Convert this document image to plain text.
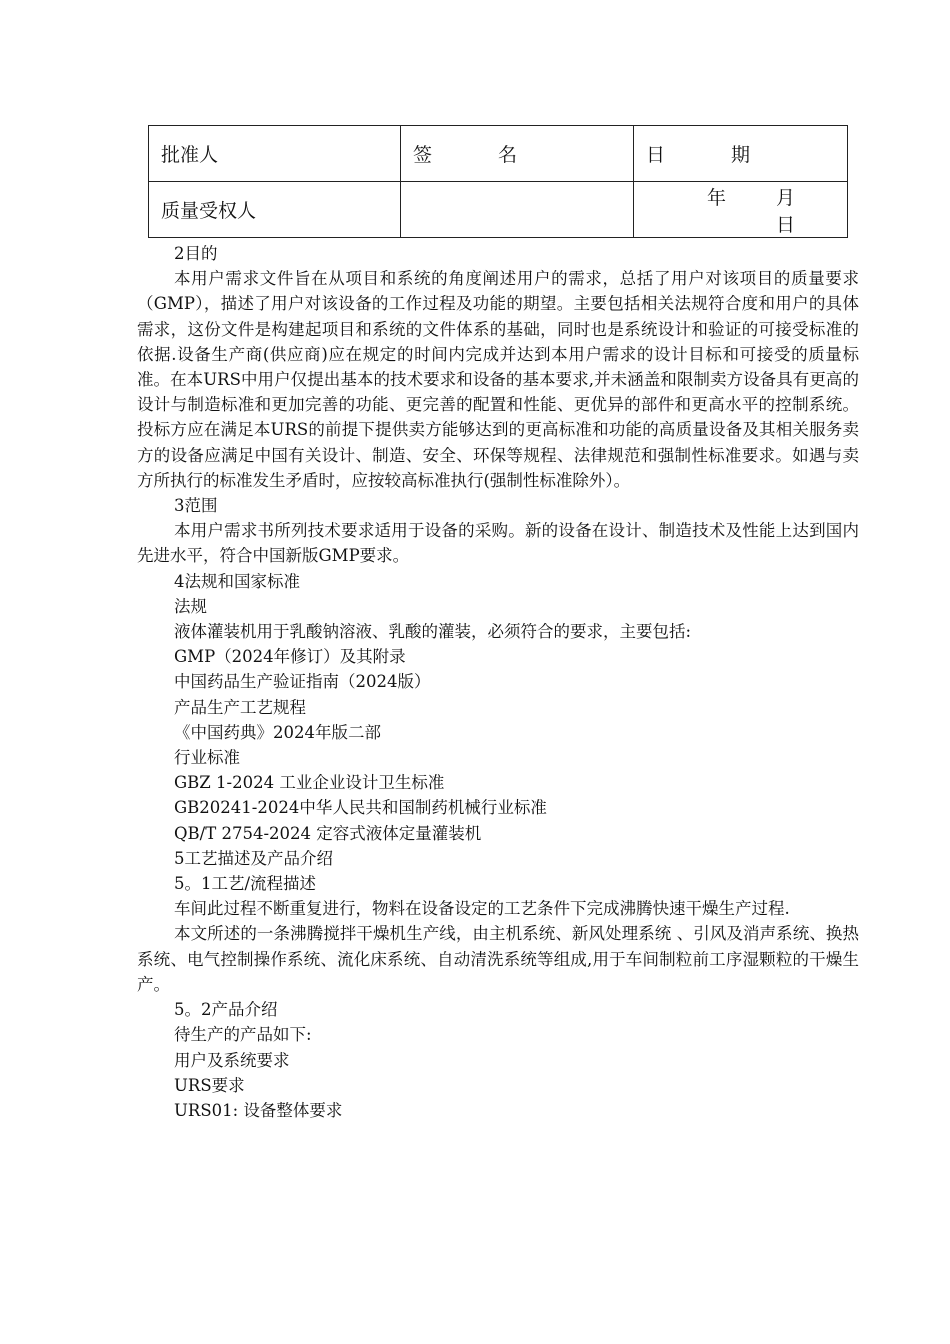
批准人	签 名	日 期
质量受权人		年 月 日

2目的

本用户需求文件旨在从项目和系统的角度阐述用户的需求，总括了用户对该项目的质量要求（GMP），描述了用户对该设备的工作过程及功能的期望。主要包括相关法规符合度和用户的具体需求，这份文件是构建起项目和系统的文件体系的基础，同时也是系统设计和验证的可接受标准的依据.设备生产商(供应商)应在规定的时间内完成并达到本用户需求的设计目标和可接受的质量标准。在本URS中用户仅提出基本的技术要求和设备的基本要求,并未涵盖和限制卖方设备具有更高的设计与制造标准和更加完善的功能、更完善的配置和性能、更优异的部件和更高水平的控制系统。投标方应在满足本URS的前提下提供卖方能够达到的更高标准和功能的高质量设备及其相关服务卖方的设备应满足中国有关设计、制造、安全、环保等规程、法律规范和强制性标准要求。如遇与卖方所执行的标准发生矛盾时，应按较高标准执行(强制性标准除外）。

3范围

本用户需求书所列技术要求适用于设备的采购。新的设备在设计、制造技术及性能上达到国内先进水平，符合中国新版GMP要求。

4法规和国家标准

法规

液体灌装机用于乳酸钠溶液、乳酸的灌装，必须符合的要求，主要包括:

GMP（2024年修订）及其附录

中国药品生产验证指南（2024版）

产品生产工艺规程

《中国药典》2024年版二部

行业标准

GBZ 1-2024 工业企业设计卫生标准

GB20241-2024中华人民共和国制药机械行业标准

QB/T 2754-2024 定容式液体定量灌装机

5工艺描述及产品介绍

5。1工艺/流程描述

车间此过程不断重复进行，物料在设备设定的工艺条件下完成沸腾快速干燥生产过程.

本文所述的一条沸腾搅拌干燥机生产线，由主机系统、新风处理系统 、引风及消声系统、换热系统、电气控制操作系统、流化床系统、自动清洗系统等组成,用于车间制粒前工序湿颗粒的干燥生产。

5。2产品介绍

待生产的产品如下:

用户及系统要求

URS要求

URS01: 设备整体要求
